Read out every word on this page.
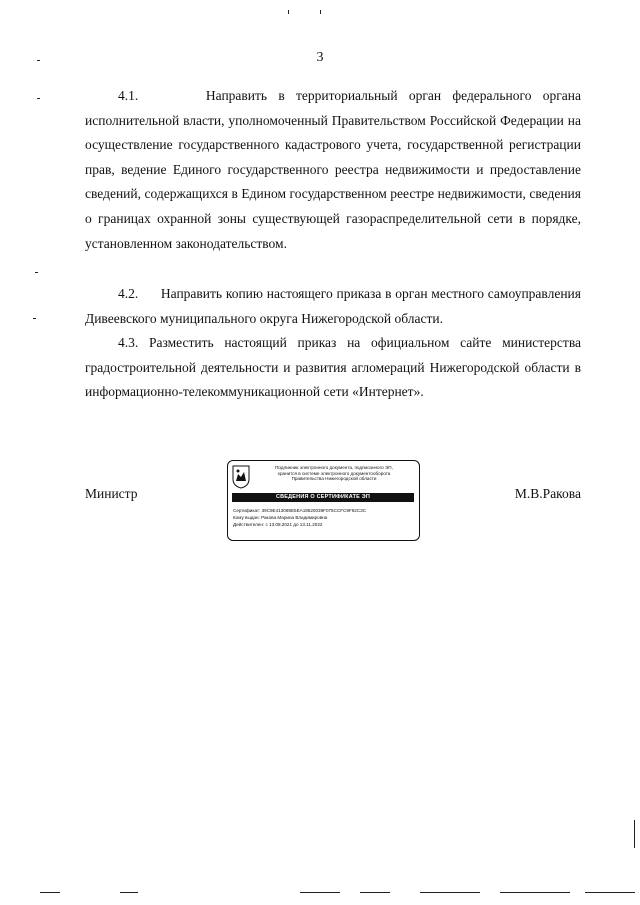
3

4.1.	Направить в территориальный орган федерального органа исполнительной власти, уполномоченный Правительством Российской Федерации на осуществление государственного кадастрового учета, государственной регистрации прав, ведение Единого государственного реестра недвижимости и предоставление сведений, содержащихся в Едином государственном реестре недвижимости, сведения о границах охранной зоны существующей газораспределительной сети в порядке, установленном законодательством.

4.2. Направить копию настоящего приказа в орган местного самоуправления Дивеевского муниципального округа Нижегородской области.

4.3. Разместить настоящий приказ на официальном сайте министерства градостроительной деятельности и развития агломераций Нижегородской области в информационно-телекоммуникационной сети «Интернет».

Министр	М.В.Ракова
Подлинник электронного документа, подписанного ЭП,
хранится в системе электронного документооборота
Правительства Нижегородской области
СВЕДЕНИЯ О СЕРТИФИКАТЕ ЭП
Сертификат: 39C9E413089E5EA18520039F075CCFC9F92C3C
Кому выдан: Ракова Марина Владимировна
Действителен: с 13.08.2021 до 13.11.2022
